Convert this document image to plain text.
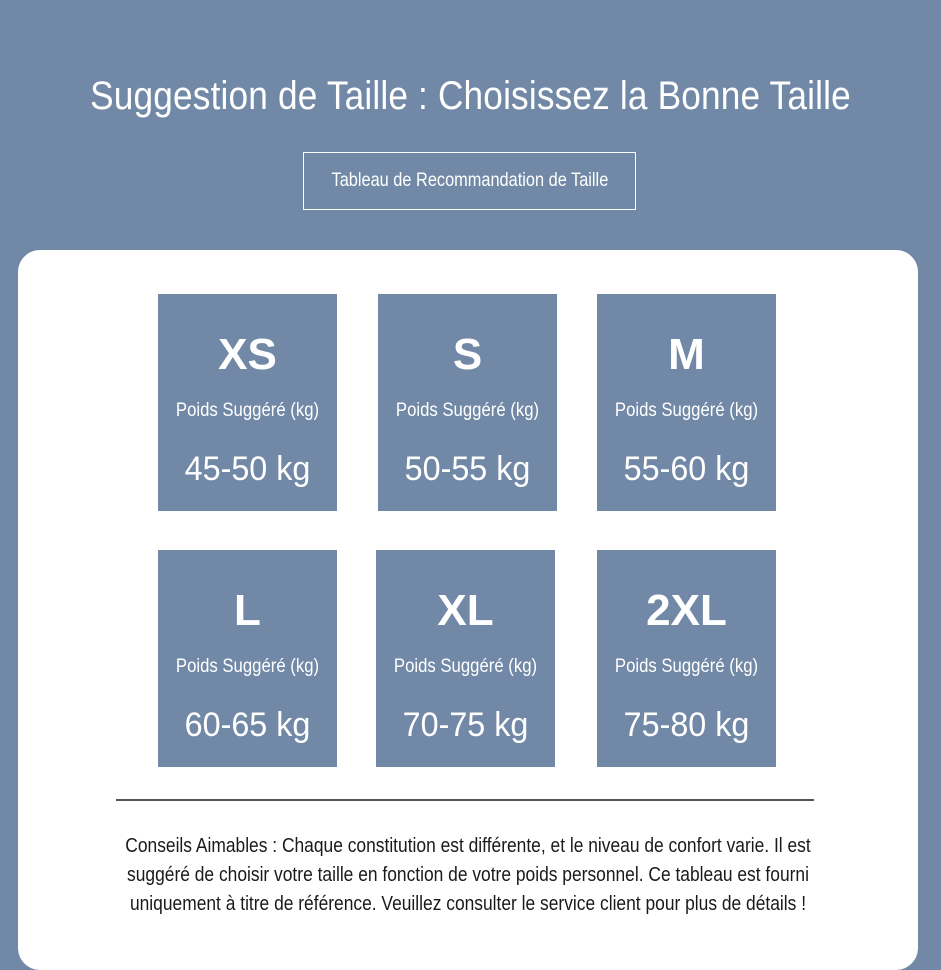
Suggestion de Taille : Choisissez la Bonne Taille
Tableau de Recommandation de Taille
XS
Poids Suggéré (kg)
45-50 kg
S
Poids Suggéré (kg)
50-55 kg
M
Poids Suggéré (kg)
55-60 kg
L
Poids Suggéré (kg)
60-65 kg
XL
Poids Suggéré (kg)
70-75 kg
2XL
Poids Suggéré (kg)
75-80 kg
Conseils Aimables : Chaque constitution est différente, et le niveau de confort varie. Il est
suggéré de choisir votre taille en fonction de votre poids personnel. Ce tableau est fourni
uniquement à titre de référence. Veuillez consulter le service client pour plus de détails !
